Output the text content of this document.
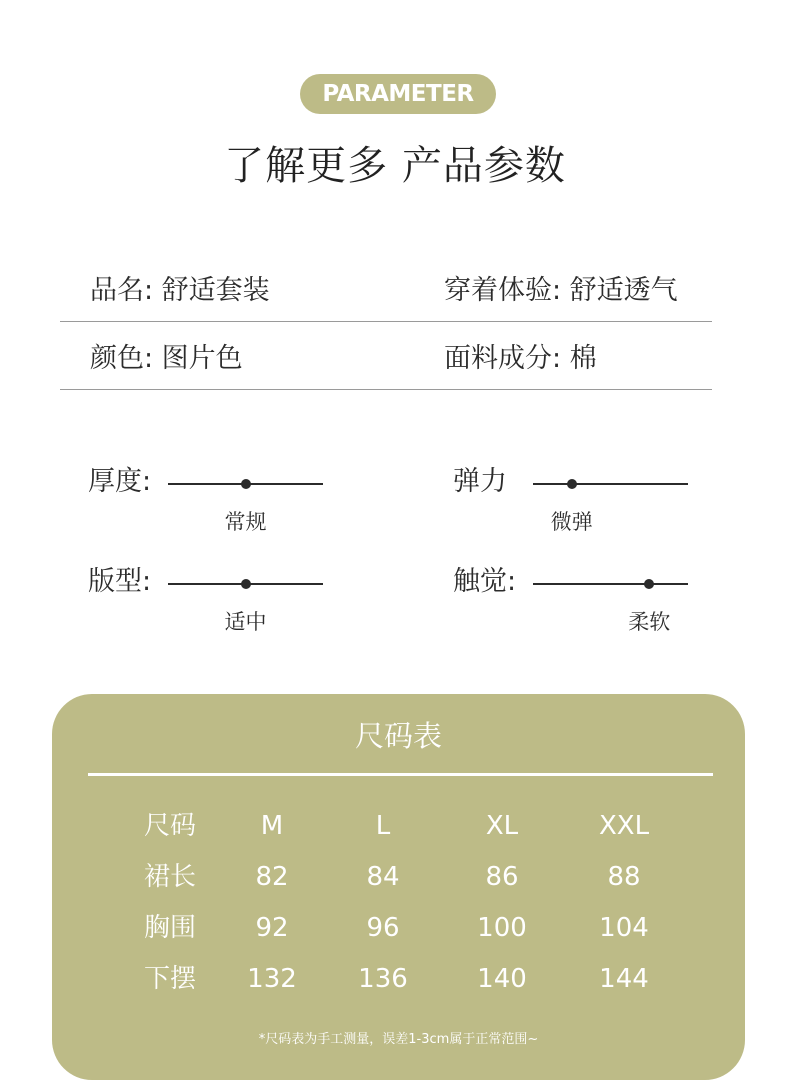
PARAMETER
了解更多 产品参数
品名: 舒适套装	穿着体验: 舒适透气
颜色: 图片色	面料成分: 棉
厚度:
常规
弹力
微弹
版型:
适中
触觉:
柔软
尺码表
尺码 M	L	XL	XXL
裙长 82	84	86	88
胸围 92	96	100	104
下摆 132 136	140	144
*尺码表为手工测量，误差1-3cm属于正常范围~
